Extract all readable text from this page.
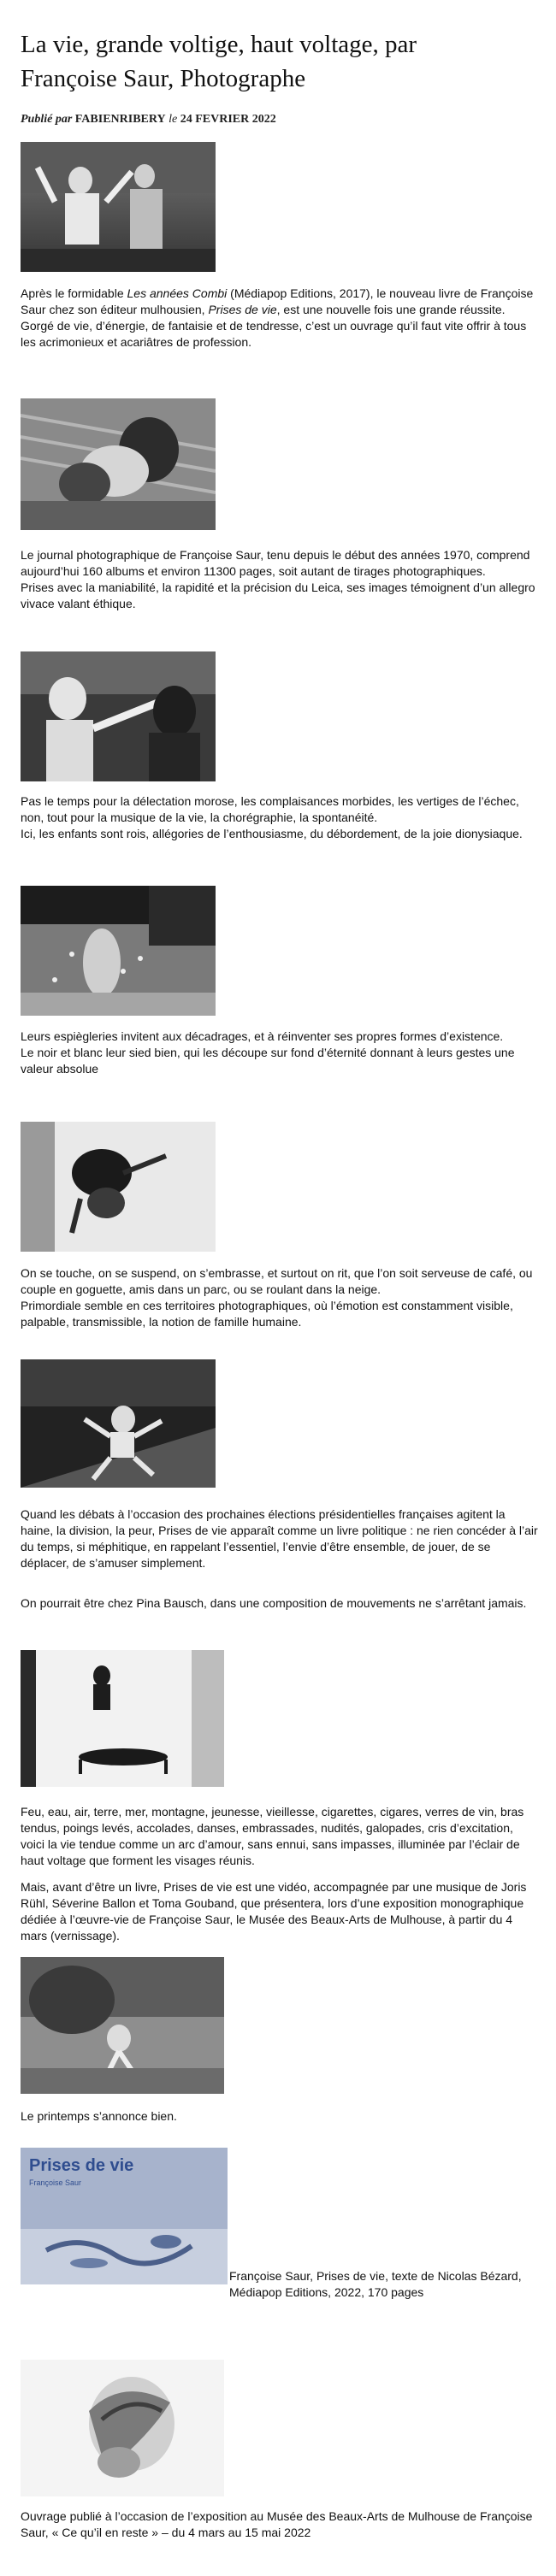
La vie, grande voltige, haut voltage, par Françoise Saur, Photographe
Publié par FABIENRIBERY le 24 FEVRIER 2022

Après le formidable Les années Combi (Médiapop Editions, 2017), le nouveau livre de Françoise Saur chez son éditeur mulhousien, Prises de vie, est une nouvelle fois une grande réussite.
Gorgé de vie, d’énergie, de fantaisie et de tendresse, c’est un ouvrage qu’il faut vite offrir à tous les acrimonieux et acariâtres de profession.

Le journal photographique de Françoise Saur, tenu depuis le début des années 1970, comprend aujourd’hui 160 albums et environ 11300 pages, soit autant de tirages photographiques.
Prises avec la maniabilité, la rapidité et la précision du Leica, ses images témoignent d’un allegro vivace valant éthique.

Pas le temps pour la délectation morose, les complaisances morbides, les vertiges de l’échec, non, tout pour la musique de la vie, la chorégraphie, la spontanéité.
Ici, les enfants sont rois, allégories de l’enthousiasme, du débordement, de la joie dionysiaque.

Leurs espiègleries invitent aux décadrages, et à réinventer ses propres formes d’existence.
Le noir et blanc leur sied bien, qui les découpe sur fond d’éternité donnant à leurs gestes une valeur absolue

On se touche, on se suspend, on s’embrasse, et surtout on rit, que l’on soit serveuse de café, ou couple en goguette, amis dans un parc, ou se roulant dans la neige.
Primordiale semble en ces territoires photographiques, où l’émotion est constamment visible, palpable, transmissible, la notion de famille humaine.

Quand les débats à l’occasion des prochaines élections présidentielles françaises agitent la haine, la division, la peur, Prises de vie apparaît comme un livre politique : ne rien concéder à l’air du temps, si méphitique, en rappelant l’essentiel, l’envie d’être ensemble, de jouer, de se déplacer, de s’amuser simplement.

On pourrait être chez Pina Bausch, dans une composition de mouvements ne s’arrêtant jamais.

Feu, eau, air, terre, mer, montagne, jeunesse, vieillesse, cigarettes, cigares, verres de vin, bras tendus, poings levés, accolades, danses, embrassades, nudités, galopades, cris d’excitation, voici la vie tendue comme un arc d’amour, sans ennui, sans impasses, illuminée par l’éclair de haut voltage que forment les visages réunis.

Mais, avant d’être un livre, Prises de vie est une vidéo, accompagnée par une musique de Joris Rühl, Séverine Ballon et Toma Gouband, que présentera, lors d’une exposition monographique dédiée à l’œuvre-vie de Françoise Saur, le Musée des Beaux-Arts de Mulhouse, à partir du 4 mars (vernissage).

Le printemps s’annonce bien.

Prises de vie
Françoise Saur
Françoise Saur, Prises de vie, texte de Nicolas Bézard, Médiapop Editions, 2022, 170 pages

Ouvrage publié à l’occasion de l’exposition au Musée des Beaux-Arts de Mulhouse de Françoise Saur, « Ce qu’il en reste » – du 4 mars au 15 mai 2022
